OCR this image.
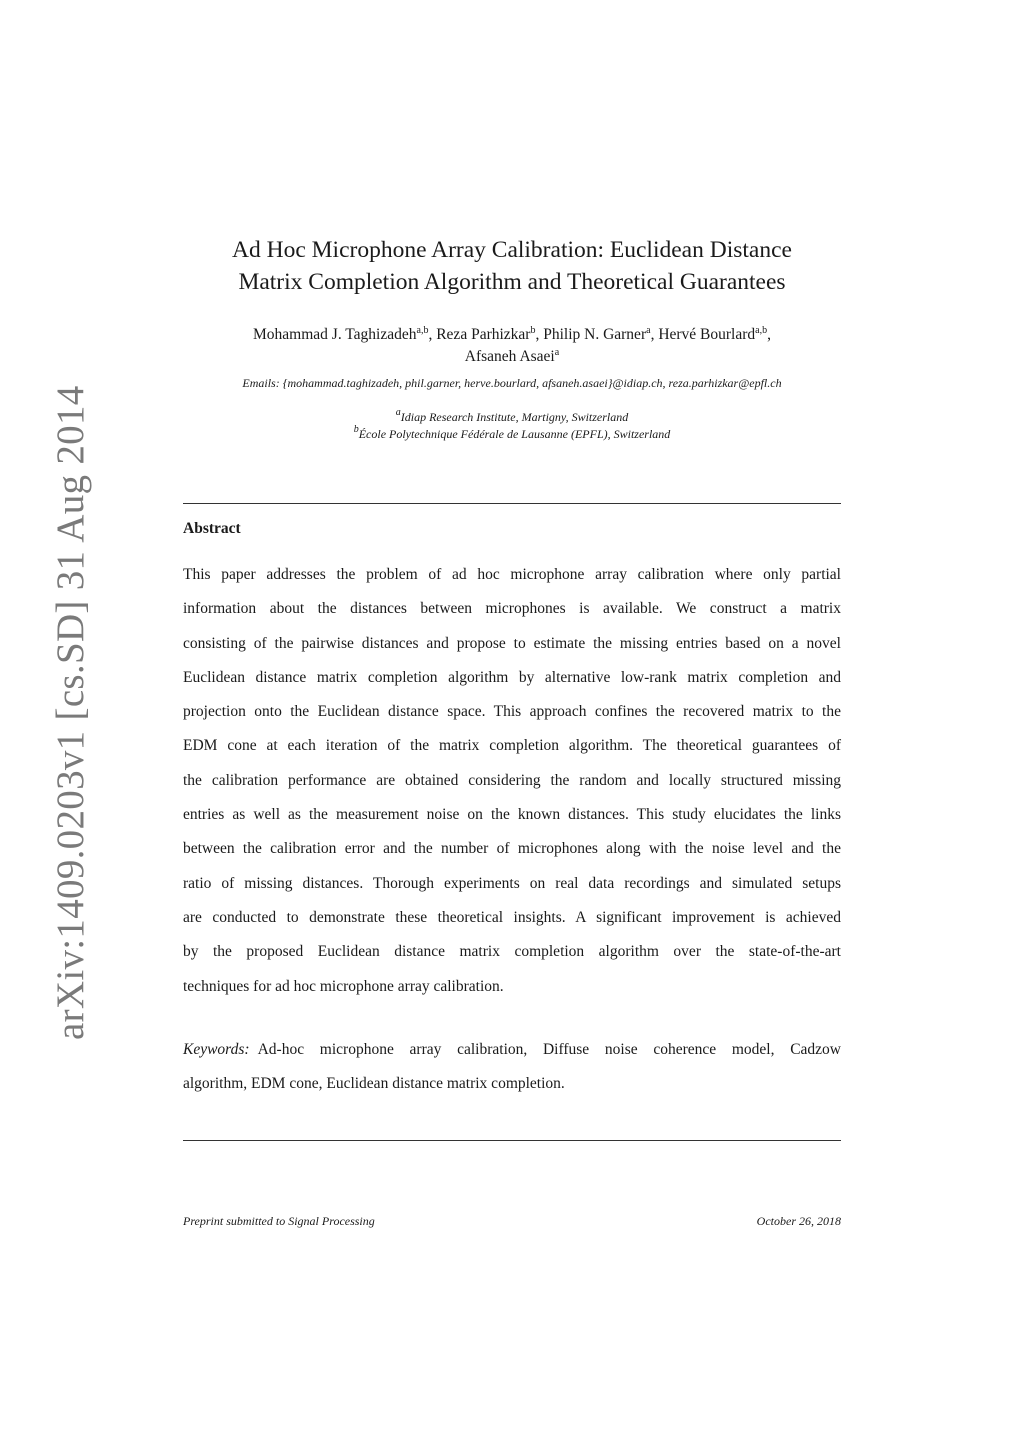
arXiv:1409.0203v1 [cs.SD] 31 Aug 2014
Ad Hoc Microphone Array Calibration: Euclidean Distance
Matrix Completion Algorithm and Theoretical Guarantees
Mohammad J. Taghizadeh$^{a,b}$, Reza Parhizkar$^b$, Philip N. Garner$^a$, Hervé Bourlard$^{a,b}$,
Afsaneh Asaei$^a$
Emails: {mohammad.taghizadeh, phil.garner, herve.bourlard, afsaneh.asaei}@idiap.ch, reza.parhizkar@epfl.ch
$^a$Idiap Research Institute, Martigny, Switzerland
$^b$École Polytechnique Fédérale de Lausanne (EPFL), Switzerland
Abstract
This paper addresses the problem of ad hoc microphone array calibration where only partial
information about the distances between microphones is available. We construct a matrix
consisting of the pairwise distances and propose to estimate the missing entries based on a novel
Euclidean distance matrix completion algorithm by alternative low-rank matrix completion and
projection onto the Euclidean distance space. This approach confines the recovered matrix to the
EDM cone at each iteration of the matrix completion algorithm. The theoretical guarantees of
the calibration performance are obtained considering the random and locally structured missing
entries as well as the measurement noise on the known distances. This study elucidates the links
between the calibration error and the number of microphones along with the noise level and the
ratio of missing distances. Thorough experiments on real data recordings and simulated setups
are conducted to demonstrate these theoretical insights. A significant improvement is achieved
by the proposed Euclidean distance matrix completion algorithm over the state-of-the-art
techniques for ad hoc microphone array calibration.
Keywords: Ad-hoc microphone array calibration, Diffuse noise coherence model, Cadzow
algorithm, EDM cone, Euclidean distance matrix completion.
Preprint submitted to Signal Processing	October 26, 2018
